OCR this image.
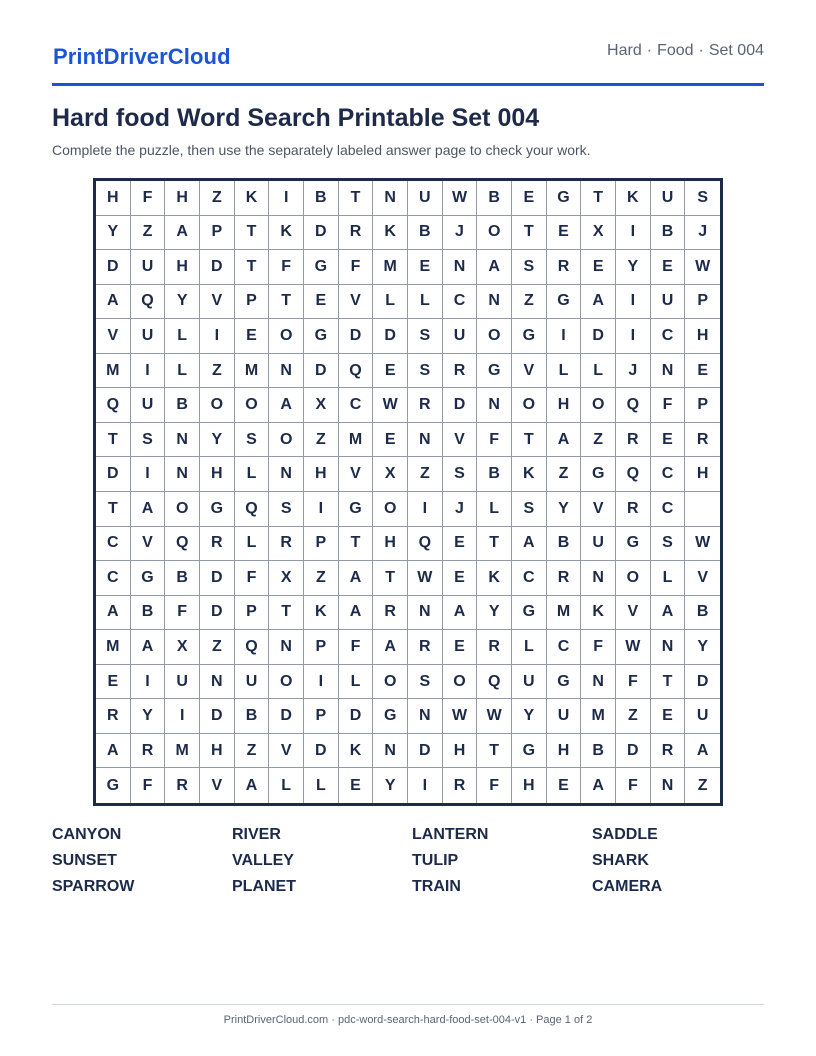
PrintDriverCloud	Hard · Food · Set 004
Hard food Word Search Printable Set 004
Complete the puzzle, then use the separately labeled answer page to check your work.
H	F	H	Z	K	I	B	T	N	U	W	B	E	G	T	K	U	S
Y	Z	A	P	T	K	D	R	K	B	J	O	T	E	X	I	B	J
D	U	H	D	T	F	G	F	M	E	N	A	S	R	E	Y	E	W
A	Q	Y	V	P	T	E	V	L	L	C	N	Z	G	A	I	U	P
V	U	L	I	E	O	G	D	D	S	U	O	G	I	D	I	C	H
M	I	L	Z	M	N	D	Q	E	S	R	G	V	L	L	J	N	E
Q	U	B	O	O	A	X	C	W	R	D	N	O	H	O	Q	F	P
T	S	N	Y	S	O	Z	M	E	N	V	F	T	A	Z	R	E	R
D	I	N	H	L	N	H	V	X	Z	S	B	K	Z	G	Q	C	H
T	A	O	G	Q	S	I	G	O	I	J	L	S	Y	V	R	C
C	V	Q	R	L	R	P	T	H	Q	E	T	A	B	U	G	S	W
C	G	B	D	F	X	Z	A	T	W	E	K	C	R	N	O	L	V
A	B	F	D	P	T	K	A	R	N	A	Y	G	M	K	V	A	B
M	A	X	Z	Q	N	P	F	A	R	E	R	L	C	F	W	N	Y
E	I	U	N	U	O	I	L	O	S	O	Q	U	G	N	F	T	D
R	Y	I	D	B	D	P	D	G	N	W	W	Y	U	M	Z	E	U
A	R	M	H	Z	V	D	K	N	D	H	T	G	H	B	D	R	A
G	F	R	V	A	L	L	E	Y	I	R	F	H	E	A	F	N	Z
CANYON	RIVER	LANTERN	SADDLE
SUNSET	VALLEY	TULIP	SHARK
SPARROW	PLANET	TRAIN	CAMERA
PrintDriverCloud.com · pdc-word-search-hard-food-set-004-v1 · Page 1 of 2
